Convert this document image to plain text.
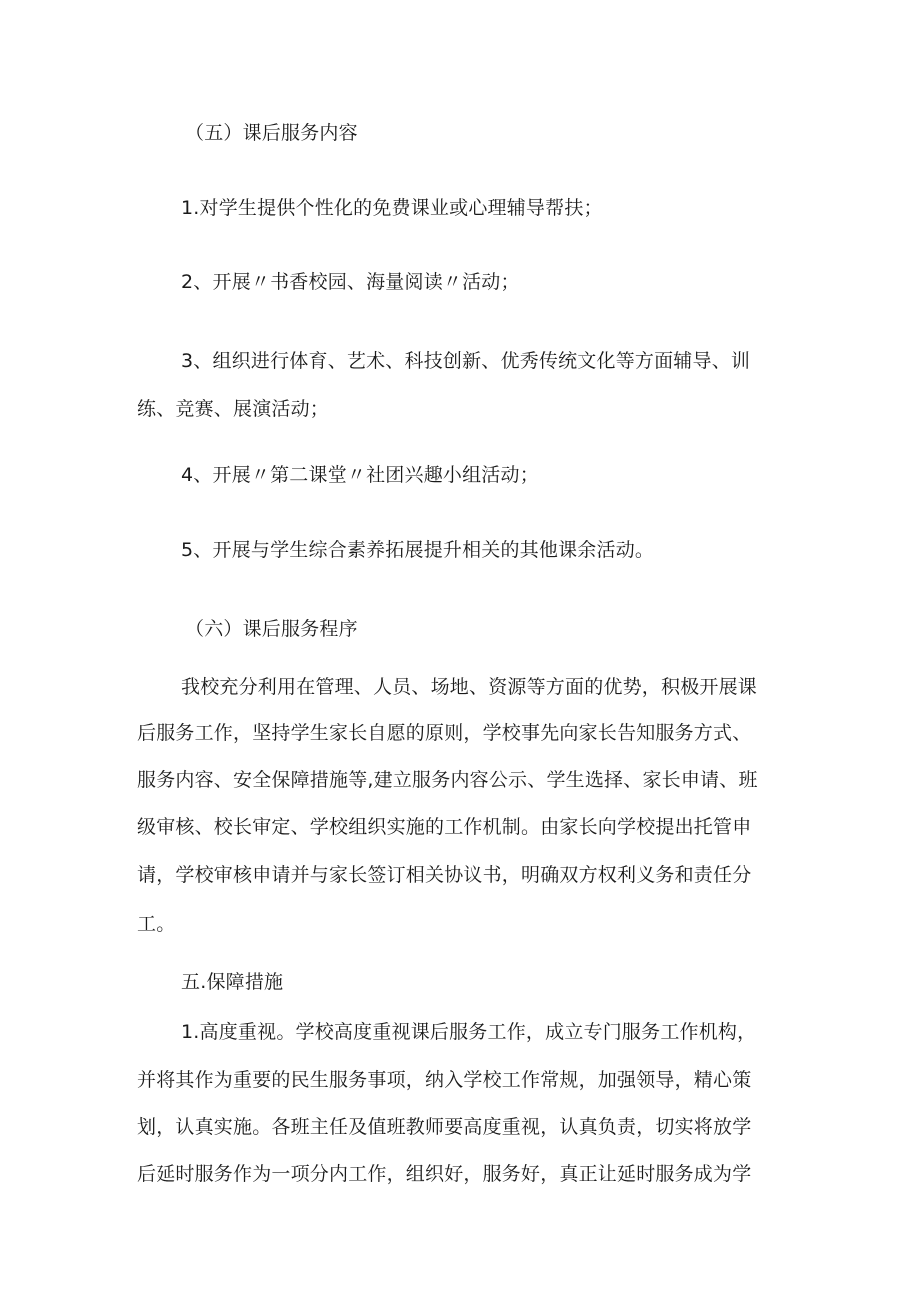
（五）课后服务内容
1.对学生提供个性化的免费课业或心理辅导帮扶；
2、开展〃书香校园、海量阅读〃活动；
3、组织进行体育、艺术、科技创新、优秀传统文化等方面辅导、训
练、竞赛、展演活动；
4、开展〃第二课堂〃社团兴趣小组活动；
5、开展与学生综合素养拓展提升相关的其他课余活动。
（六）课后服务程序
我校充分利用在管理、人员、场地、资源等方面的优势，积极开展课
后服务工作，坚持学生家长自愿的原则，学校事先向家长告知服务方式、
服务内容、安全保障措施等,建立服务内容公示、学生选择、家长申请、班
级审核、校长审定、学校组织实施的工作机制。由家长向学校提出托管申
请，学校审核申请并与家长签订相关协议书，明确双方权利义务和责任分
工。
五.保障措施
1.高度重视。学校高度重视课后服务工作，成立专门服务工作机构，
并将其作为重要的民生服务事项，纳入学校工作常规，加强领导，精心策
划，认真实施。各班主任及值班教师要高度重视，认真负责，切实将放学
后延时服务作为一项分内工作，组织好，服务好，真正让延时服务成为学
